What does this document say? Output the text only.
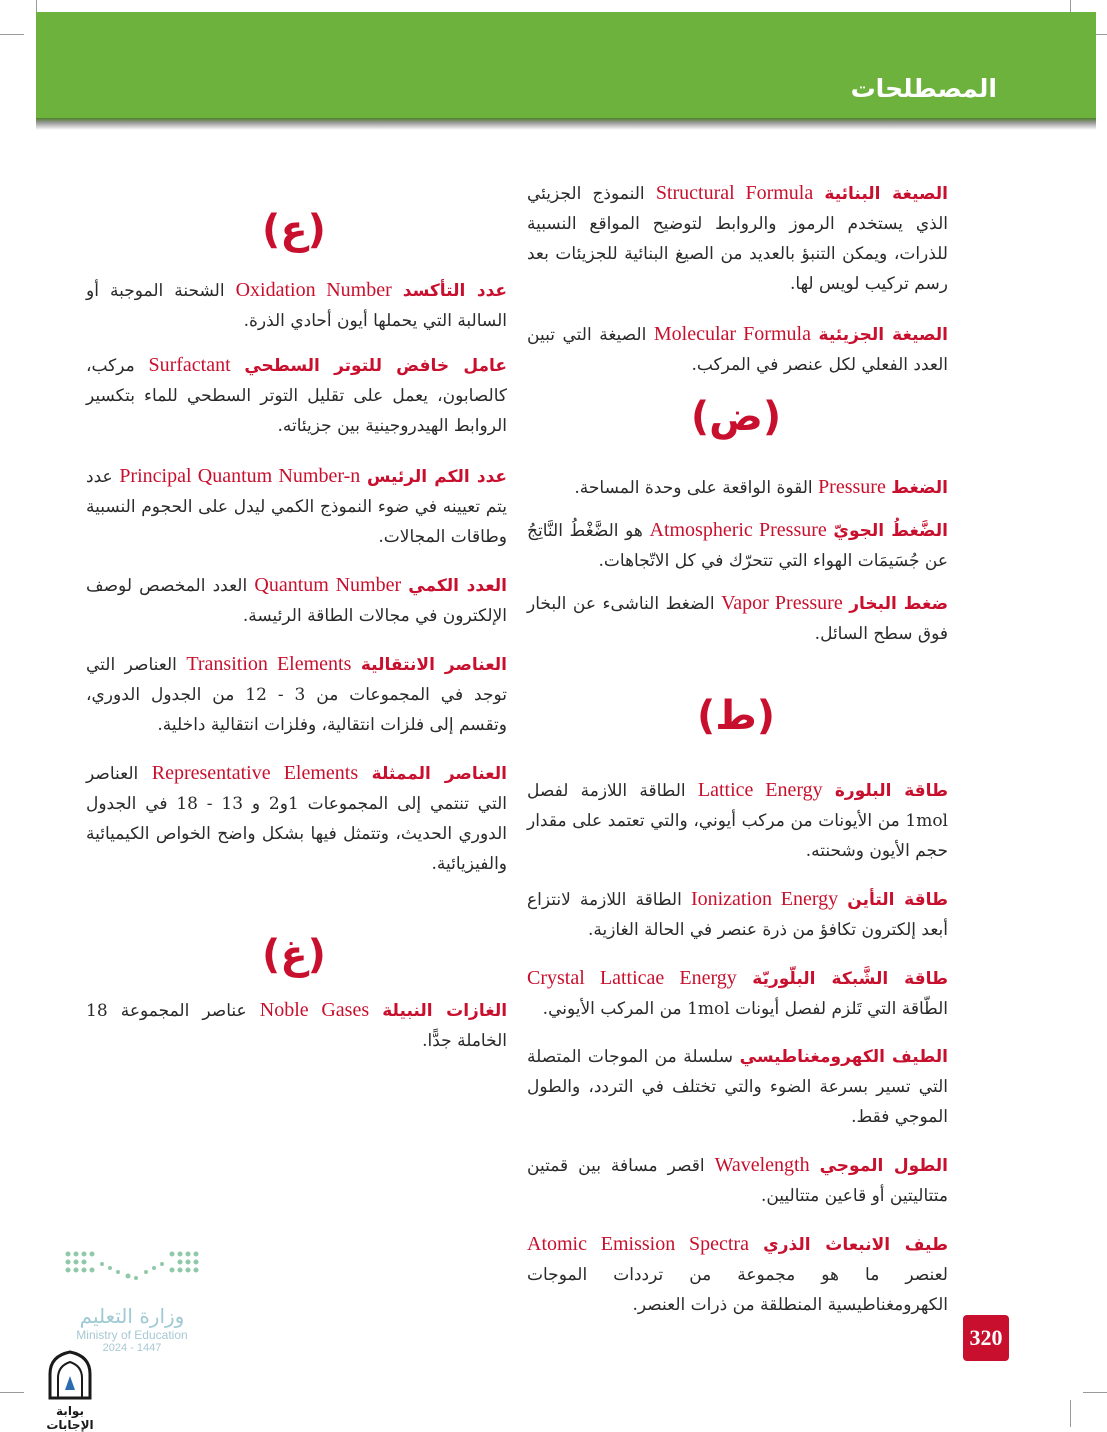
المصطلحات

الصيغة البنائية Structural Formula النموذج الجزيئي الذي يستخدم الرموز والروابط لتوضيح المواقع النسبية للذرات، ويمكن التنبؤ بالعديد من الصيغ البنائية للجزيئات بعد رسم تركيب لويس لها.

الصيغة الجزيئية Molecular Formula الصيغة التي تبين العدد الفعلي لكل عنصر في المركب.

الضغط Pressure القوة الواقعة على وحدة المساحة.

الضَّغطُ الجويّ Atmospheric Pressure هو الضَّغْطُ النَّاتِجُ عن جُسَيمَات الهواء التي تتحرّك في كل الاتّجاهات.

ضغط البخار Vapor Pressure الضغط الناشىء عن البخار فوق سطح السائل.

طاقة البلورة Lattice Energy الطاقة اللازمة لفصل 1mol من الأيونات من مركب أيوني، والتي تعتمد على مقدار حجم الأيون وشحنته.

طاقة التأين Ionization Energy الطاقة اللازمة لانتزاع أبعد إلكترون تكافؤ من ذرة عنصر في الحالة الغازية.

طاقة الشَّبكة البلّوريّة Crystal Latticae Energy الطّاقة التي تَلزم لفصل أيونات 1mol من المركب الأيوني.

الطيف الكهرومغناطيسي سلسلة من الموجات المتصلة التي تسير بسرعة الضوء والتي تختلف في التردد، والطول الموجي فقط.

الطول الموجي Wavelength اقصر مسافة بين قمتين متتاليتين أو قاعين متتاليين.

طيف الانبعاث الذري Atomic Emission Spectra لعنصر ما هو مجموعة من ترددات الموجات الكهرومغناطيسية المنطلقة من ذرات العنصر.

(ض)
(ط)
(ع)
(غ)

عدد التأكسد Oxidation Number الشحنة الموجبة أو السالبة التي يحملها أيون أحادي الذرة.

عامل خافض للتوتر السطحي Surfactant مركب، كالصابون، يعمل على تقليل التوتر السطحي للماء بتكسير الروابط الهيدروجينية بين جزيئاته.

عدد الكم الرئيس Principal Quantum Number-n عدد يتم تعيينه في ضوء النموذج الكمي ليدل على الحجوم النسبية وطاقات المجالات.

العدد الكمي Quantum Number العدد المخصص لوصف الإلكترون في مجالات الطاقة الرئيسة.

العناصر الانتقالية Transition Elements العناصر التي توجد في المجموعات من 3 - 12 من الجدول الدوري، وتقسم إلى فلزات انتقالية، وفلزات انتقالية داخلية.

العناصر الممثلة Representative Elements العناصر التي تنتمي إلى المجموعات 1و2 و 13 - 18 في الجدول الدوري الحديث، وتتمثل فيها بشكل واضح الخواص الكيميائية والفيزيائية.

الغازات النبيلة Noble Gases عناصر المجموعة 18 الخاملة جدًّا.

320
وزارة التعليم
Ministry of Education
2024 - 1447
بوابة الإجابات
